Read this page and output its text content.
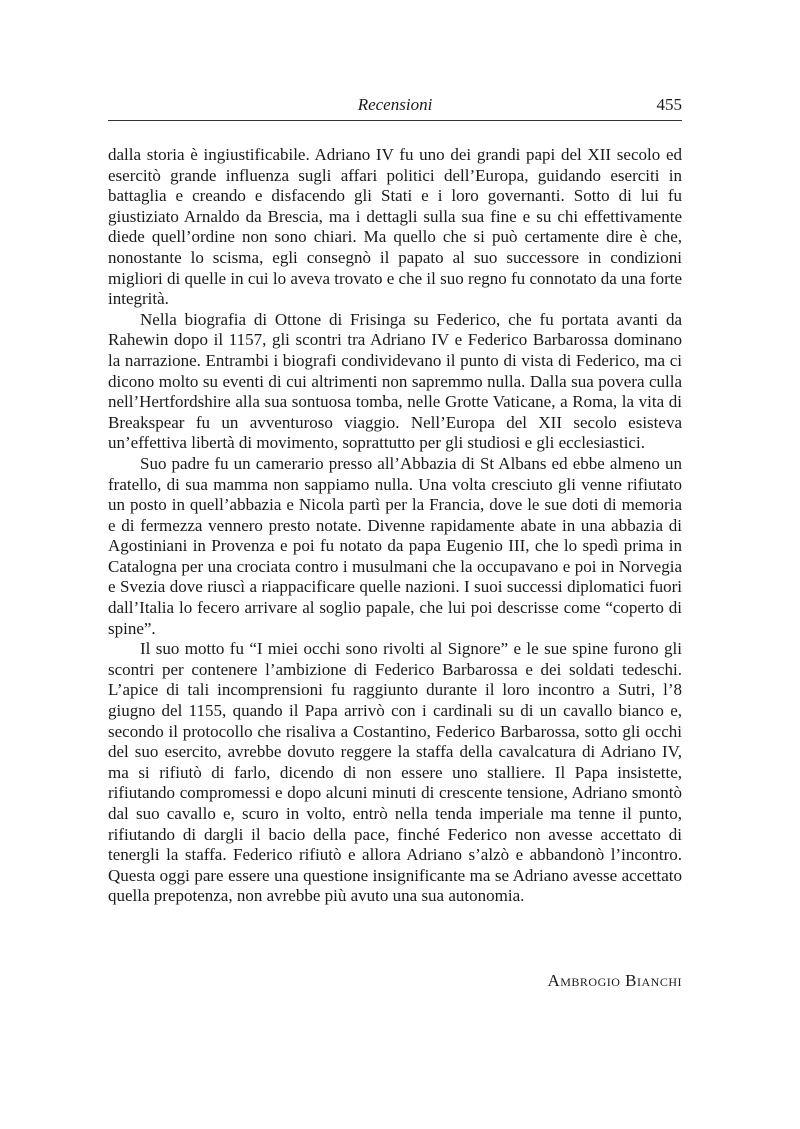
Recensioni	455

dalla storia è ingiustificabile. Adriano IV fu uno dei grandi papi del XII secolo ed esercitò grande influenza sugli affari politici dell’Europa, guidando eserciti in battaglia e creando e disfacendo gli Stati e i loro governanti. Sotto di lui fu giustiziato Arnaldo da Brescia, ma i dettagli sulla sua fine e su chi effettivamente diede quell’ordine non sono chiari. Ma quello che si può certamente dire è che, nonostante lo scisma, egli consegnò il papato al suo successore in condizioni migliori di quelle in cui lo aveva trovato e che il suo regno fu connotato da una forte integrità.

Nella biografia di Ottone di Frisinga su Federico, che fu portata avanti da Rahewin dopo il 1157, gli scontri tra Adriano IV e Federico Barbarossa dominano la narrazione. Entrambi i biografi condividevano il punto di vista di Federico, ma ci dicono molto su eventi di cui altrimenti non sapremmo nulla. Dalla sua povera culla nell’Hertfordshire alla sua sontuosa tomba, nelle Grotte Vaticane, a Roma, la vita di Breakspear fu un avventuroso viaggio. Nell’Europa del XII secolo esisteva un’effettiva libertà di movimento, soprattutto per gli studiosi e gli ecclesiastici.

Suo padre fu un camerario presso all’Abbazia di St Albans ed ebbe almeno un fratello, di sua mamma non sappiamo nulla. Una volta cresciuto gli venne rifiutato un posto in quell’abbazia e Nicola partì per la Francia, dove le sue doti di memoria e di fermezza vennero presto notate. Divenne rapidamente abate in una abbazia di Agostiniani in Provenza e poi fu notato da papa Eugenio III, che lo spedì prima in Catalogna per una crociata contro i musulmani che la occupavano e poi in Norvegia e Svezia dove riuscì a riappacificare quelle nazioni. I suoi successi diplomatici fuori dall’Italia lo fecero arrivare al soglio papale, che lui poi descrisse come “coperto di spine”.

Il suo motto fu “I miei occhi sono rivolti al Signore” e le sue spine furono gli scontri per contenere l’ambizione di Federico Barbarossa e dei soldati tedeschi. L’apice di tali incomprensioni fu raggiunto durante il loro incontro a Sutri, l’8 giugno del 1155, quando il Papa arrivò con i cardinali su di un cavallo bianco e, secondo il protocollo che risaliva a Costantino, Federico Barbarossa, sotto gli occhi del suo esercito, avrebbe dovuto reggere la staffa della cavalcatura di Adriano IV, ma si rifiutò di farlo, dicendo di non essere uno stalliere. Il Papa insistette, rifiutando compromessi e dopo alcuni minuti di crescente tensione, Adriano smontò dal suo cavallo e, scuro in volto, entrò nella tenda imperiale ma tenne il punto, rifiutando di dargli il bacio della pace, finché Federico non avesse accettato di tenergli la staffa. Federico rifiutò e allora Adriano s’alzò e abbandonò l’incontro. Questa oggi pare essere una questione insignificante ma se Adriano avesse accettato quella prepotenza, non avrebbe più avuto una sua autonomia.

Ambrogio Bianchi
